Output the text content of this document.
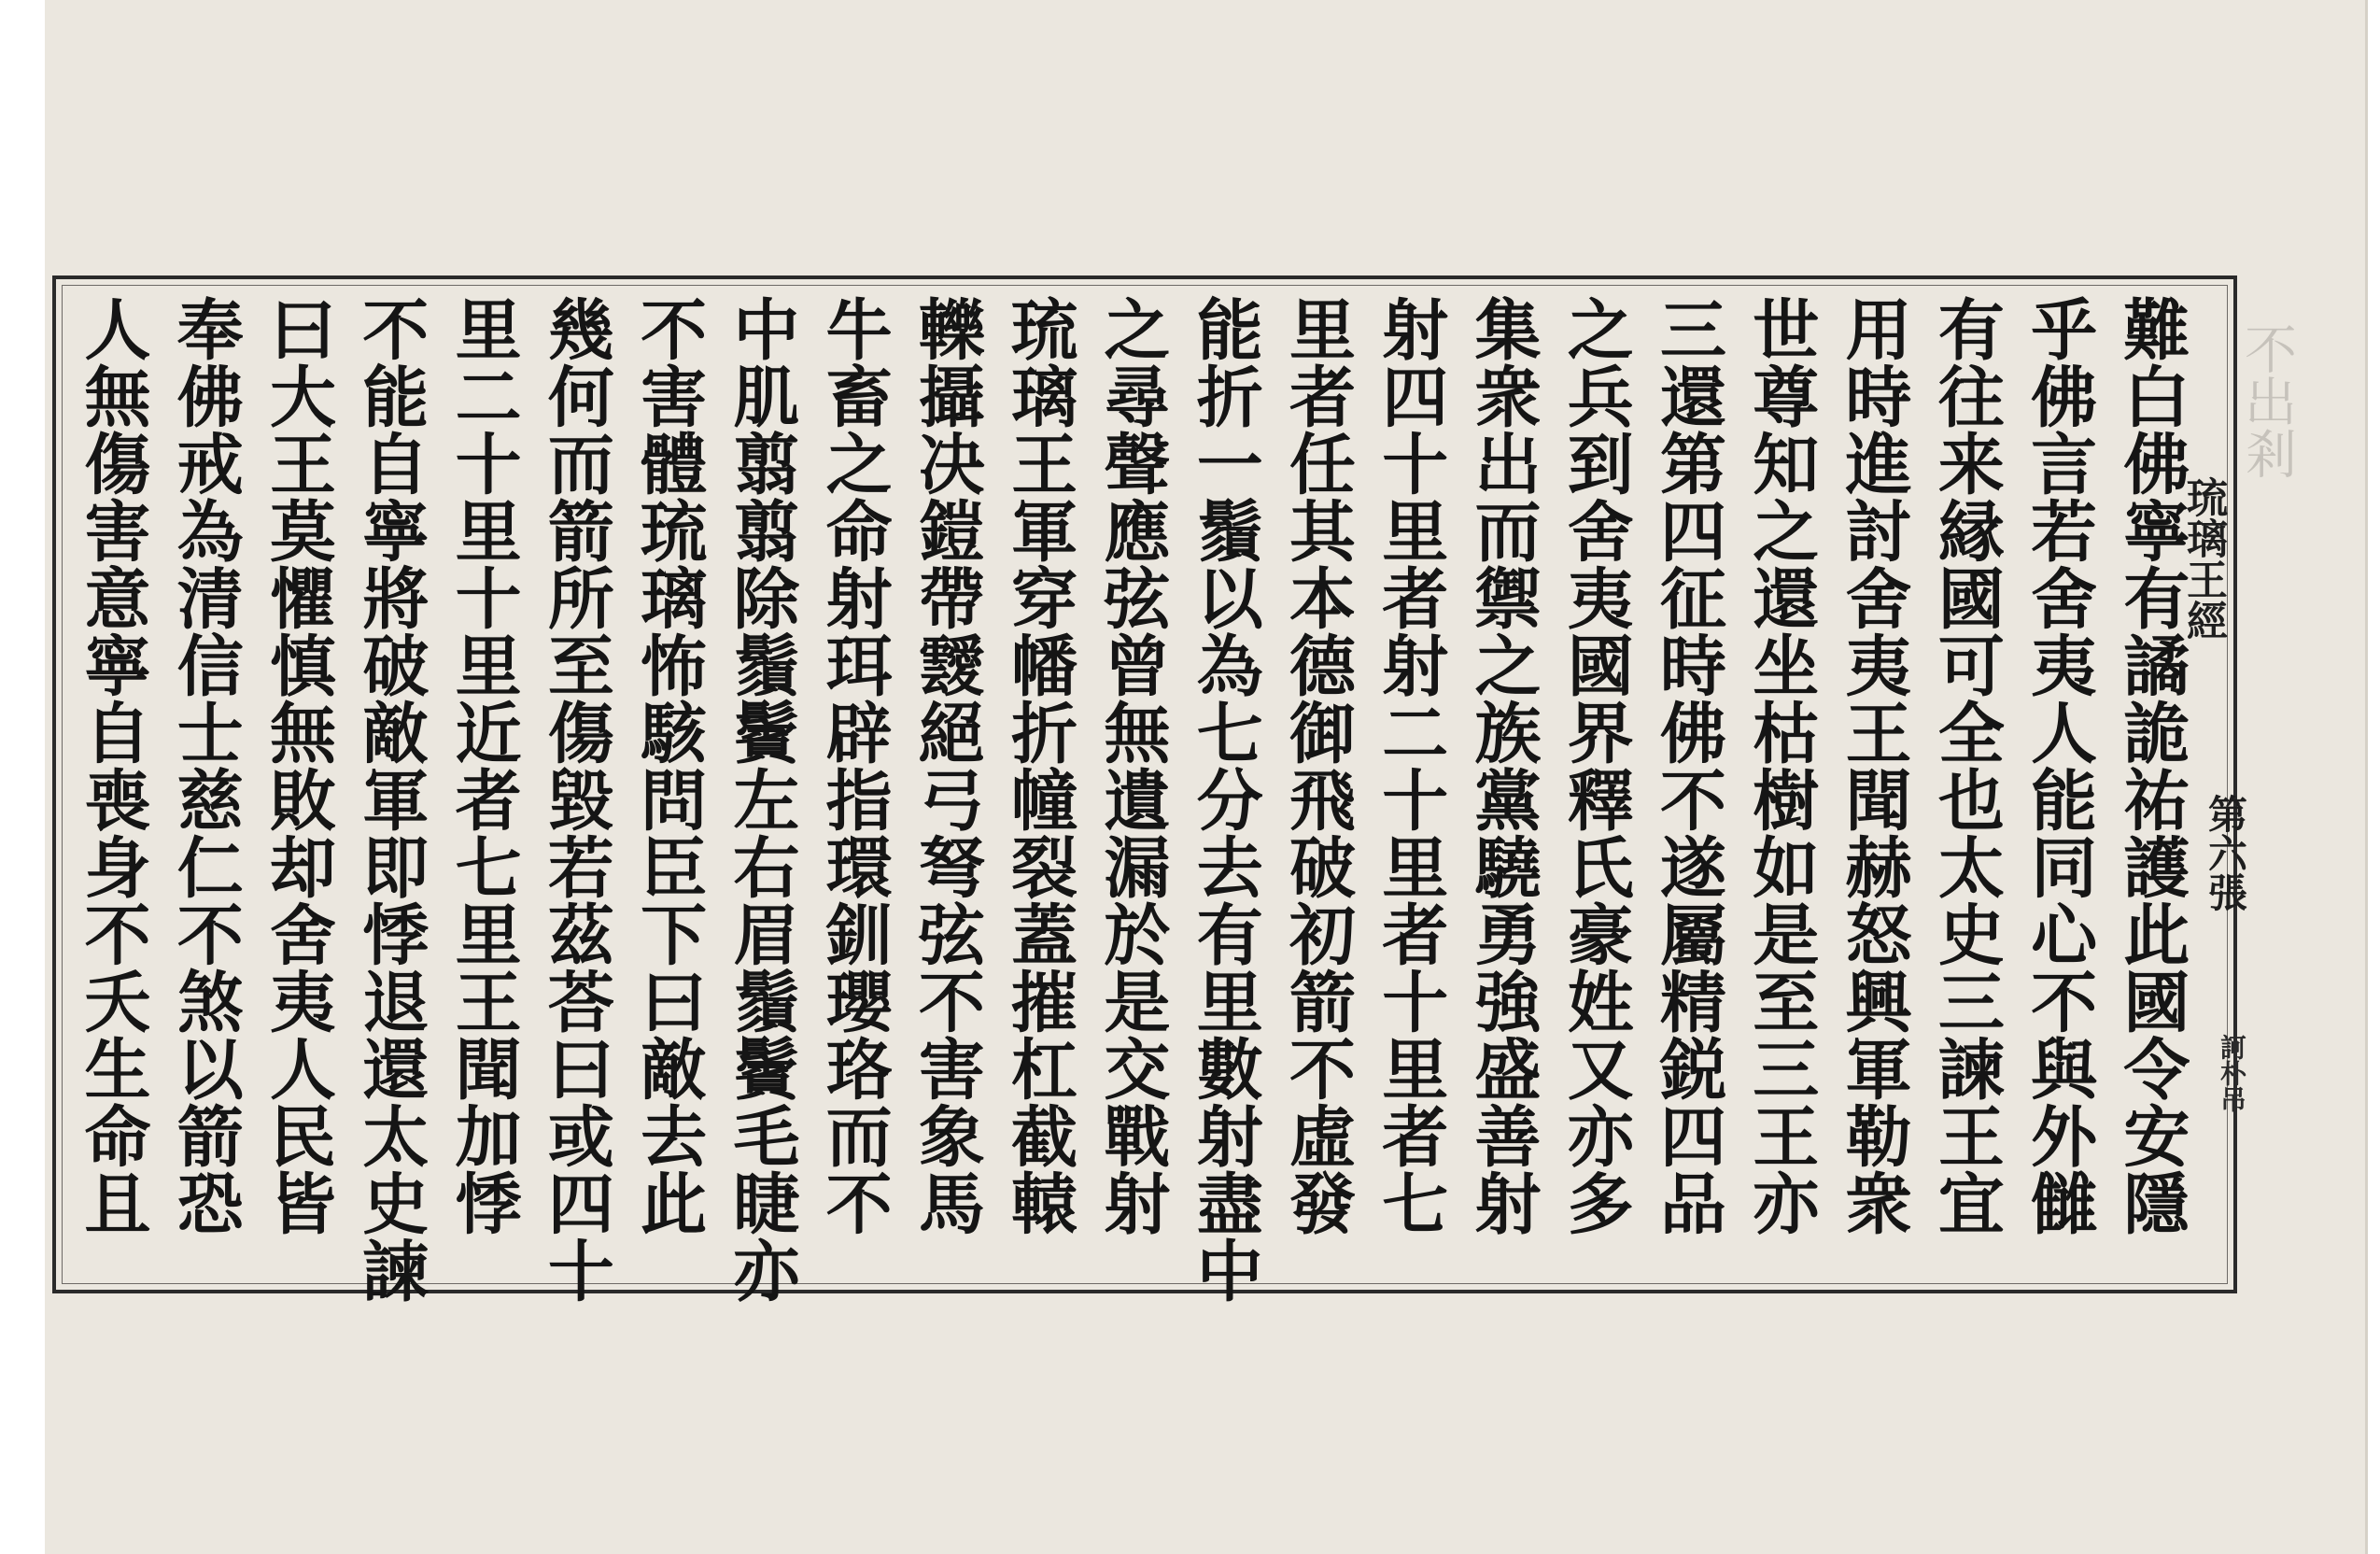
難白佛寧有譎詭祐護此國令安隱
乎佛言若舍夷人能同心不與外雠
有往来縁國可全也太史三諫王宜
用時進討舍夷王聞赫怒興軍勒衆
世尊知之還坐枯樹如是至三王亦
三還第四征時佛不遂屬精鋭四品
之兵到舍夷國界釋氏豪姓又亦多
集衆出而禦之族黨驍勇強盛善射
射四十里者射二十里者十里者七
里者任其本德御飛破初箭不虛發
能折一鬚以為七分去有里數射盡中
之尋聲應弦曾無遺漏於是交戰射
琉璃王軍穿幡折幢裂蓋摧杠截轅
轢攝决鎧帶靉絕弓弩弦不害象馬
牛畜之命射珥辟指環釧瓔珞而不
中肌翦翦除鬚鬢左右眉鬚鬢毛睫亦
不害體琉璃怖駭問臣下曰敵去此
幾何而箭所至傷毀若茲荅曰或四十
里二十里十里近者七里王聞加悸
不能自寧將破敵軍即悸退還太史諫
曰大王莫懼慎無敗却舍夷人民皆
奉佛戒為清信士慈仁不煞以箭恐
人無傷害意寧自喪身不夭生命且	琉璃王經
第六張
訶朴吊
